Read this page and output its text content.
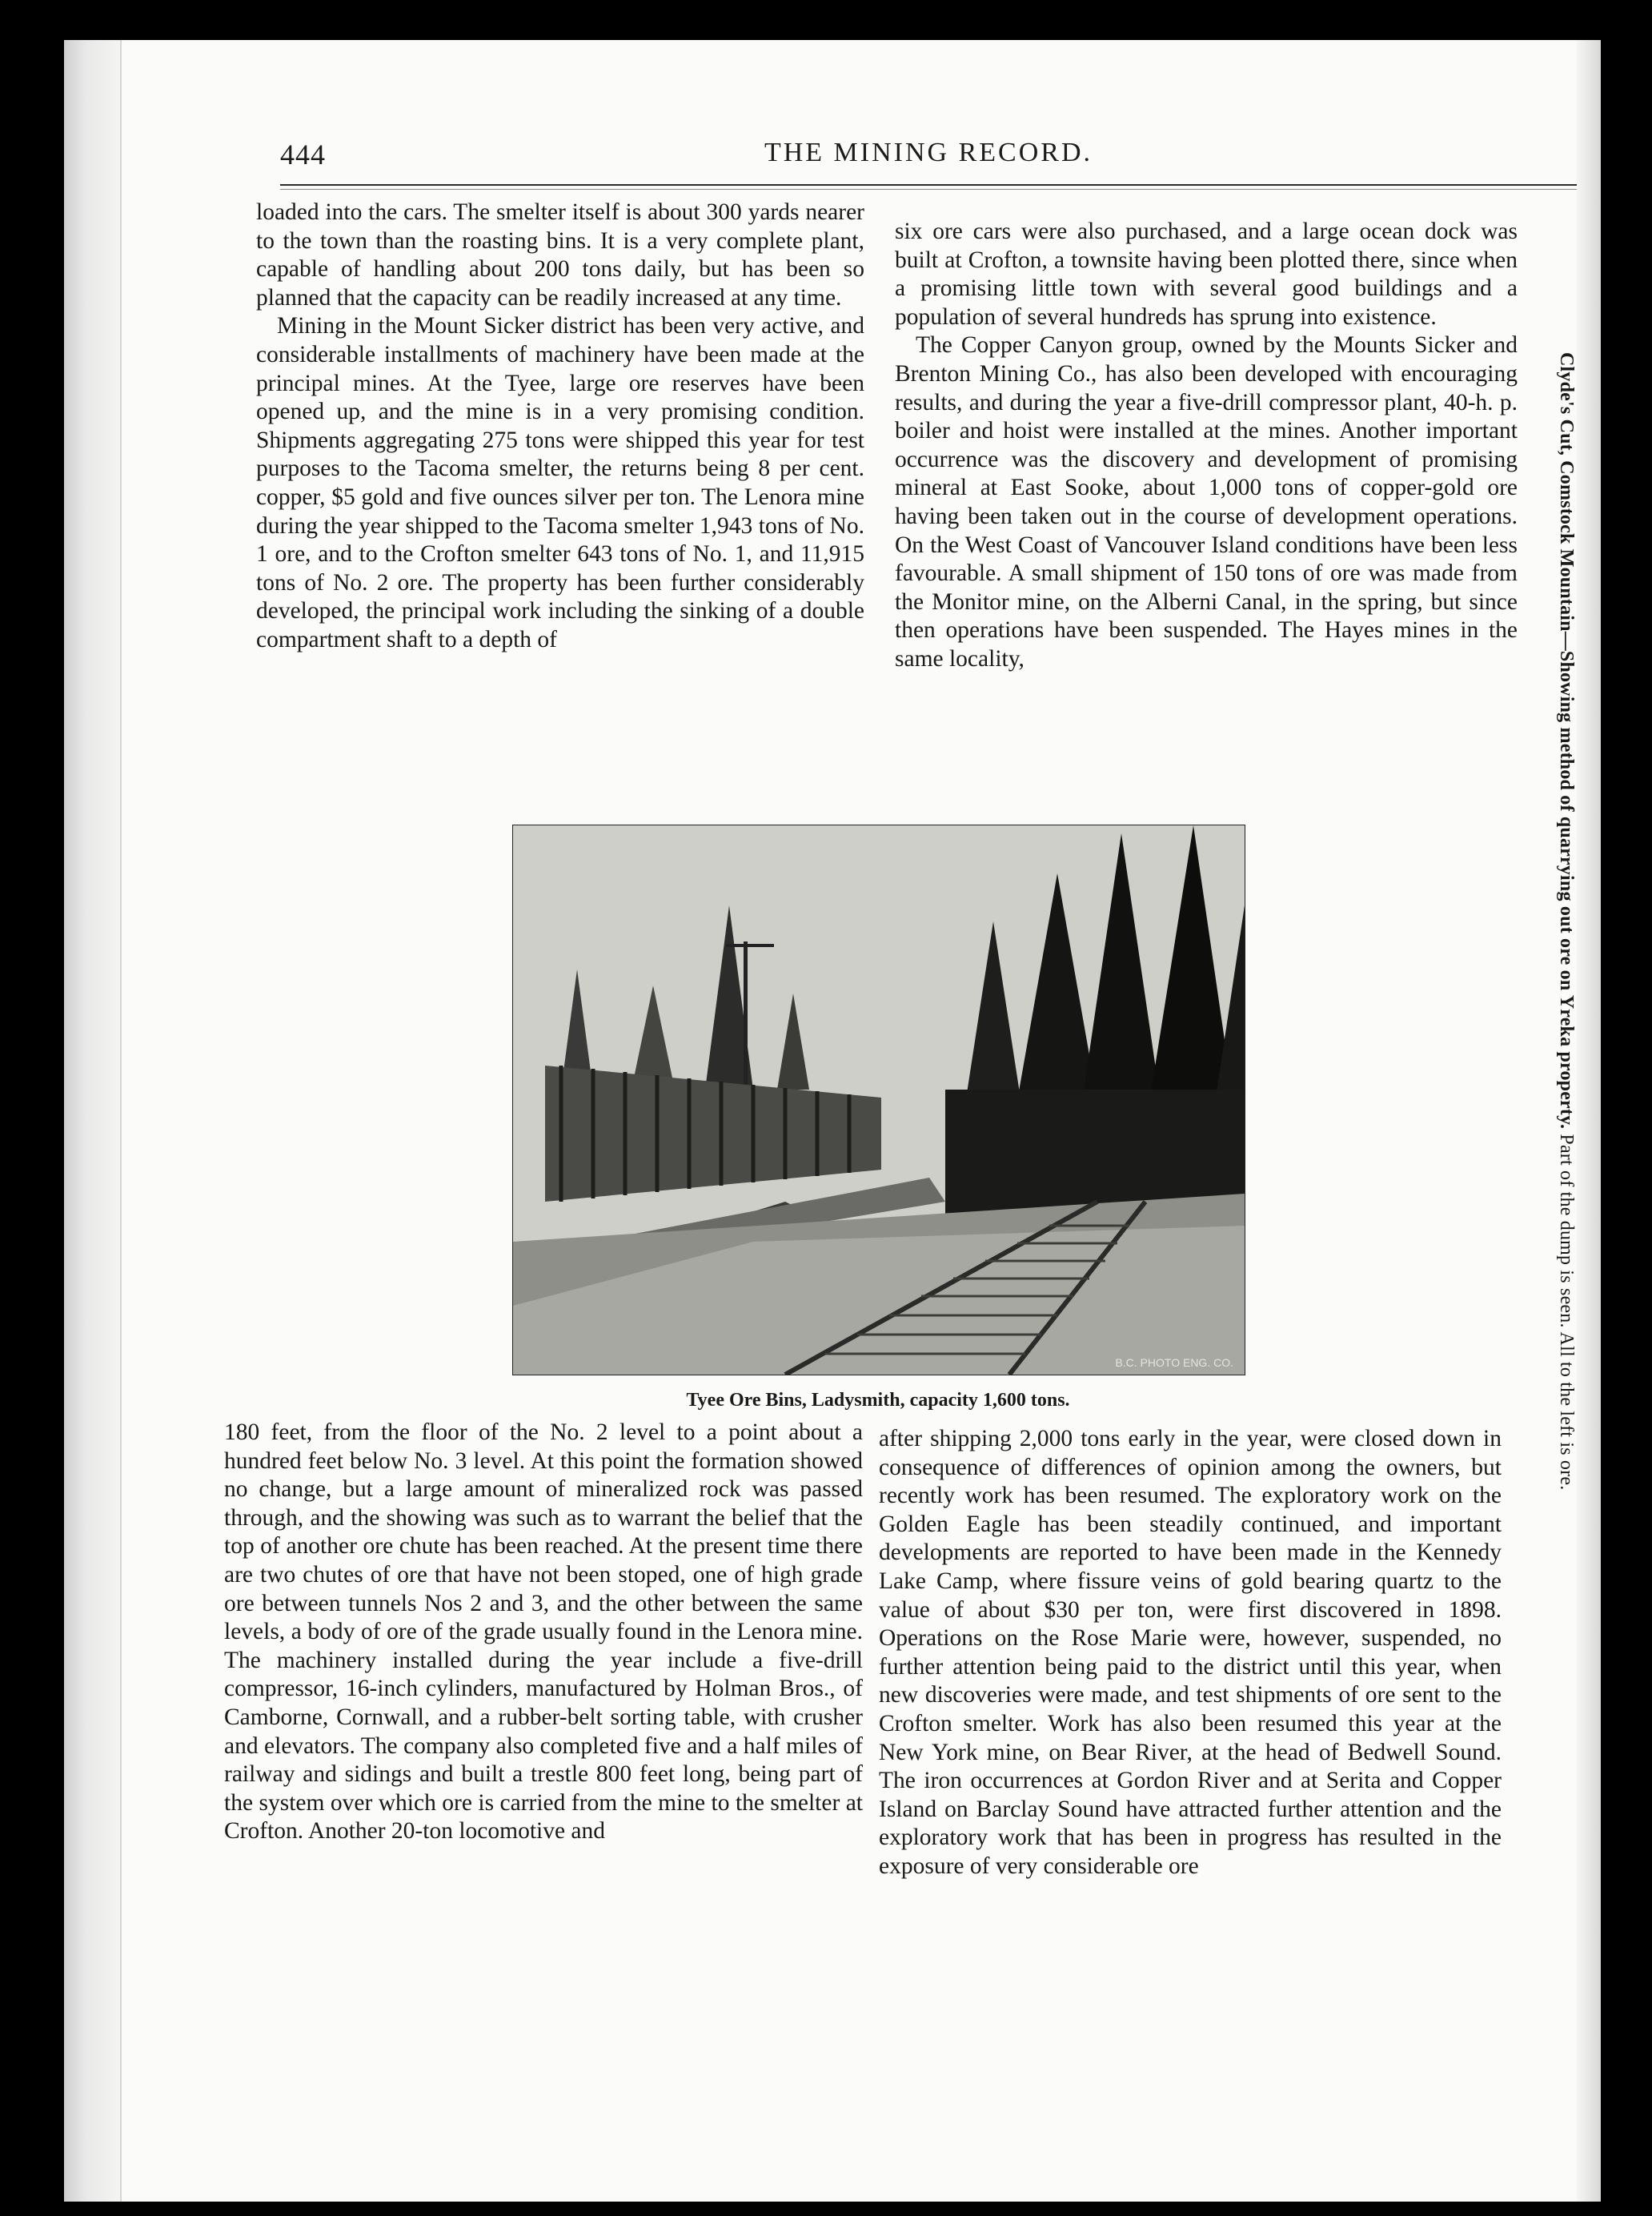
444	THE MINING RECORD.

loaded into the cars. The smelter itself is about 300 yards nearer to the town than the roasting bins. It is a very complete plant, capable of handling about 200 tons daily, but has been so planned that the capacity can be readily increased at any time.

Mining in the Mount Sicker district has been very active, and considerable installments of machinery have been made at the principal mines. At the Tyee, large ore reserves have been opened up, and the mine is in a very promising condition. Shipments aggregating 275 tons were shipped this year for test purposes to the Tacoma smelter, the returns being 8 per cent. copper, $5 gold and five ounces silver per ton. The Lenora mine during the year shipped to the Tacoma smelter 1,943 tons of No. 1 ore, and to the Crofton smelter 643 tons of No. 1, and 11,915 tons of No. 2 ore. The property has been further considerably developed, the principal work including the sinking of a double compartment shaft to a depth of

six ore cars were also purchased, and a large ocean dock was built at Crofton, a townsite having been plotted there, since when a promising little town with several good buildings and a population of several hundreds has sprung into existence.

The Copper Canyon group, owned by the Mounts Sicker and Brenton Mining Co., has also been developed with encouraging results, and during the year a five-drill compressor plant, 40-h. p. boiler and hoist were installed at the mines. Another important occurrence was the discovery and development of promising mineral at East Sooke, about 1,000 tons of copper-gold ore having been taken out in the course of development operations. On the West Coast of Vancouver Island conditions have been less favourable. A small shipment of 150 tons of ore was made from the Monitor mine, on the Alberni Canal, in the spring, but since then operations have been suspended. The Hayes mines in the same locality,

B.C. PHOTO ENG. CO.
Tyee Ore Bins, Ladysmith, capacity 1,600 tons.

180 feet, from the floor of the No. 2 level to a point about a hundred feet below No. 3 level. At this point the formation showed no change, but a large amount of mineralized rock was passed through, and the showing was such as to warrant the belief that the top of another ore chute has been reached. At the present time there are two chutes of ore that have not been stoped, one of high grade ore between tunnels Nos 2 and 3, and the other between the same levels, a body of ore of the grade usually found in the Lenora mine. The machinery installed during the year include a five-drill compressor, 16-inch cylinders, manufactured by Holman Bros., of Camborne, Cornwall, and a rubber-belt sorting table, with crusher and elevators. The company also completed five and a half miles of railway and sidings and built a trestle 800 feet long, being part of the system over which ore is carried from the mine to the smelter at Crofton. Another 20-ton locomotive and

after shipping 2,000 tons early in the year, were closed down in consequence of differences of opinion among the owners, but recently work has been resumed. The exploratory work on the Golden Eagle has been steadily continued, and important developments are reported to have been made in the Kennedy Lake Camp, where fissure veins of gold bearing quartz to the value of about $30 per ton, were first discovered in 1898. Operations on the Rose Marie were, however, suspended, no further attention being paid to the district until this year, when new discoveries were made, and test shipments of ore sent to the Crofton smelter. Work has also been resumed this year at the New York mine, on Bear River, at the head of Bedwell Sound. The iron occurrences at Gordon River and at Serita and Copper Island on Barclay Sound have attracted further attention and the exploratory work that has been in progress has resulted in the exposure of very considerable ore

Clyde's Cut, Comstock Mountain—Showing method of quarrying out ore on Yreka property. Part of the dump is seen. All to the left is ore.
